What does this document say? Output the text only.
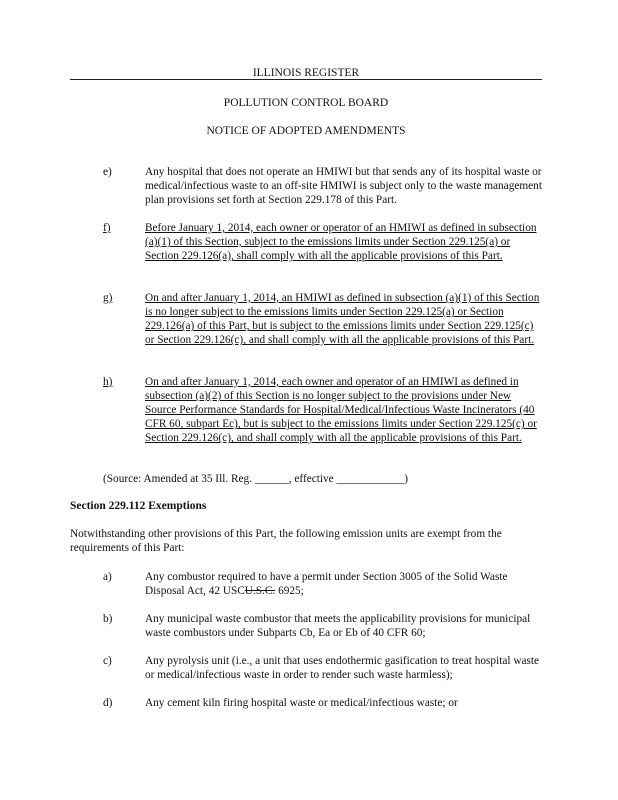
ILLINOIS REGISTER
POLLUTION CONTROL BOARD
NOTICE OF ADOPTED AMENDMENTS
e)	Any hospital that does not operate an HMIWI but that sends any of its hospital waste or medical/infectious waste to an off-site HMIWI is subject only to the waste management plan provisions set forth at Section 229.178 of this Part.
f)	Before January 1, 2014, each owner or operator of an HMIWI as defined in subsection (a)(1) of this Section, subject to the emissions limits under Section 229.125(a) or Section 229.126(a), shall comply with all the applicable provisions of this Part.
g)	On and after January 1, 2014, an HMIWI as defined in subsection (a)(1) of this Section is no longer subject to the emissions limits under Section 229.125(a) or Section 229.126(a) of this Part, but is subject to the emissions limits under Section 229.125(c) or Section 229.126(c), and shall comply with all the applicable provisions of this Part.
h)	On and after January 1, 2014, each owner and operator of an HMIWI as defined in subsection (a)(2) of this Section is no longer subject to the provisions under New Source Performance Standards for Hospital/Medical/Infectious Waste Incinerators (40 CFR 60, subpart Ec), but is subject to the emissions limits under Section 229.125(c) or Section 229.126(c), and shall comply with all the applicable provisions of this Part.
(Source: Amended at 35 Ill. Reg. ______, effective ____________)
Section 229.112 Exemptions
Notwithstanding other provisions of this Part, the following emission units are exempt from the requirements of this Part:
a)	Any combustor required to have a permit under Section 3005 of the Solid Waste Disposal Act, 42 USCU.S.C. 6925;
b)	Any municipal waste combustor that meets the applicability provisions for municipal waste combustors under Subparts Cb, Ea or Eb of 40 CFR 60;
c)	Any pyrolysis unit (i.e., a unit that uses endothermic gasification to treat hospital waste or medical/infectious waste in order to render such waste harmless);
d)	Any cement kiln firing hospital waste or medical/infectious waste; or
